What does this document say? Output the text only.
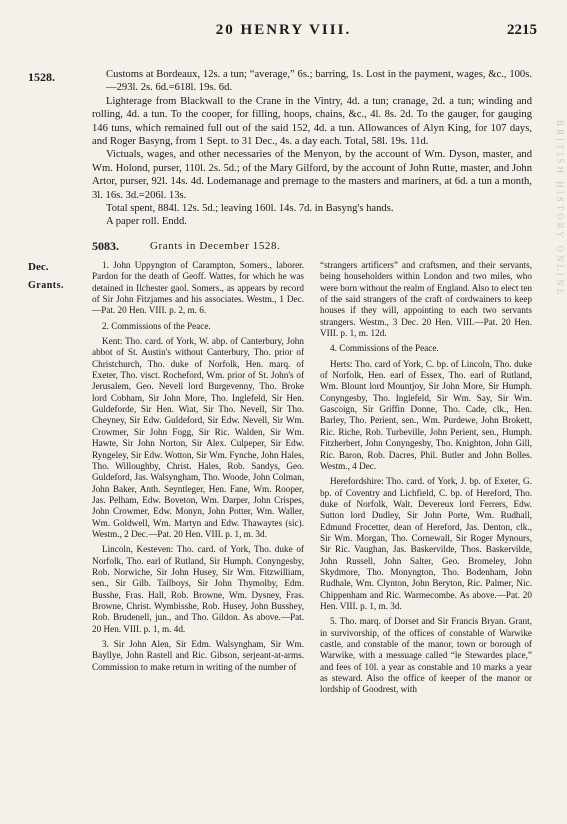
20 HENRY VIII.	2215
1528.	Customs at Bordeaux, 12s. a tun; “average,” 6s.; barring, 1s. Lost in the payment, wages, &c., 100s.—293l. 2s. 6d.=618l. 19s. 6d.

Lighterage from Blackwall to the Crane in the Vintry, 4d. a tun; cranage, 2d. a tun; winding and rolling, 4d. a tun. To the cooper, for filling, hoops, chains, &c., 4l. 8s. 2d. To the gauger, for gauging 146 tuns, which remained full out of the said 152, 4d. a tun. Allowances of Alyn King, for 107 days, and Roger Basyng, from 1 Sept. to 31 Dec., 4s. a day each. Total, 58l. 19s. 11d.

Victuals, wages, and other necessaries of the Menyon, by the account of Wm. Dyson, master, and Wm. Holond, purser, 110l. 2s. 5d.; of the Mary Gilford, by the account of John Rutte, master, and John Artor, purser, 92l. 14s. 4d. Lodemanage and premage to the masters and mariners, at 6d. a tun a month, 3l. 16s. 3d.=206l. 13s.

Total spent, 884l. 12s. 5d.; leaving 160l. 14s. 7d. in Basyng's hands.

A paper roll. Endd.

5083.	Grants in December 1528.
Dec.
Grants.

1. John Uppyngton of Carampton, Somers., laborer. Pardon for the death of Geoff. Wattes, for which he was detained in Ilchester gaol. Somers., as appears by record of Sir John Fitzjames and his associates. Westm., 1 Dec.—Pat. 20 Hen. VIII. p. 2, m. 6.

2. Commissions of the Peace.

Kent: Tho. card. of York, W. abp. of Canterbury, John abbot of St. Austin's without Canterbury, Tho. prior of Christchurch, Tho. duke of Norfolk, Hen. marq. of Exeter, Tho. visct. Rocheford, Wm. prior of St. John's of Jerusalem, Geo. Nevell lord Burgevenny, Tho. Broke lord Cobham, Sir John More, Tho. Inglefeld, Sir Hen. Guldeforde, Sir Hen. Wiat, Sir Tho. Nevell, Sir Tho. Cheyney, Sir Edw. Guldeford, Sir Edw. Nevell, Sir Wm. Crowmer, Sir John Fogg, Sir Ric. Walden, Sir Wm. Hawte, Sir John Norton, Sir Alex. Culpeper, Sir Edw. Ryngeley, Sir Edw. Wotton, Sir Wm. Fynche, John Hales, Tho. Willoughby, Christ. Hales, Rob. Sandys, Geo. Guldeford, Jas. Walsyngham, Tho. Woode, John Colman, John Baker, Anth. Seyntleger, Hen. Fane, Wm. Rooper, Jas. Pelham, Edw. Boveton, Wm. Darper, John Crispes, John Crowmer, Edw. Monyn, John Potter, Wm. Waller, Wm. Goldwell, Wm. Martyn and Edw. Thawaytes (sic). Westm., 2 Dec.—Pat. 20 Hen. VIII. p. 1, m. 3d.

Lincoln, Kesteven: Tho. card. of York, Tho. duke of Norfolk, Tho. earl of Rutland, Sir Humph. Conyngesby, Rob. Norwiche, Sir John Husey, Sir Wm. Fitzwilliam, sen., Sir Gilb. Tailboys, Sir John Thymolby, Edm. Busshe, Fras. Hall, Rob. Browne, Wm. Dysney, Fras. Browne, Christ. Wymbisshe, Rob. Husey, John Busshey, Rob. Brudenell, jun., and Tho. Gildon. As above.—Pat. 20 Hen. VIII. p. 1, m. 4d.

3. Sir John Alen, Sir Edm. Walsyngham, Sir Wm. Bayllye, John Rastell and Ric. Gibson, serjeant-at-arms. Commission to make return in writing of the number of

“strangers artificers” and craftsmen, and their servants, being householders within London and two miles, who were born without the realm of England. Also to elect ten of the said strangers of the craft of cordwainers to keep houses if they will, appointing to each two servants strangers. Westm., 3 Dec. 20 Hen. VIII.—Pat. 20 Hen. VIII. p. 1, m. 12d.

4. Commissions of the Peace.

Herts: Tho. card of York, C. bp. of Lincoln, Tho. duke of Norfolk, Hen. earl of Essex, Tho. earl of Rutland, Wm. Blount lord Mountjoy, Sir John More, Sir Humph. Conyngesby, Tho. Inglefeld, Sir Wm. Say, Sir Wm. Gascoign, Sir Griffin Donne, Tho. Cade, clk., Hen. Barley, Tho. Perient, sen., Wm. Purdewe, John Brokett, Ric. Riche, Rob. Turbeville, John Perient, sen., Humph. Fitzherbert, John Conyngesby, Tho. Knighton, John Gill, Ric. Baron, Rob. Dacres, Phil. Butler and John Bolles. Westm., 4 Dec.

Herefordshire: Tho. card. of York, J. bp. of Exeter, G. bp. of Coventry and Lichfield, C. bp. of Hereford, Tho. duke of Norfolk, Walt. Devereux lord Ferrers, Edw. Sutton lord Dudley, Sir John Porte, Wm. Rudhall, Edmund Frocetter, dean of Hereford, Jas. Denton, clk., Sir Wm. Morgan, Tho. Cornewall, Sir Roger Mynours, Sir Ric. Vaughan, Jas. Baskervilde, Thos. Baskervilde, John Russell, John Salter, Geo. Bromeley, John Skydmore, Tho. Monyngton, Tho. Bodenham, John Rudhale, Wm. Clynton, John Beryton, Ric. Palmer, Nic. Chippenham and Ric. Warmecombe. As above.—Pat. 20 Hen. VIII. p. 1, m. 3d.

5. Tho. marq. of Dorset and Sir Francis Bryan. Grant, in survivorship, of the offices of constable of Warwike castle, and constable of the manor, town or borough of Warwike, with a messuage called “le Stewardes place,” and fees of 10l. a year as constable and 10 marks a year as steward. Also the office of keeper of the manor or lordship of Goodrest, with

BRITISH HISTORY ONLINE
